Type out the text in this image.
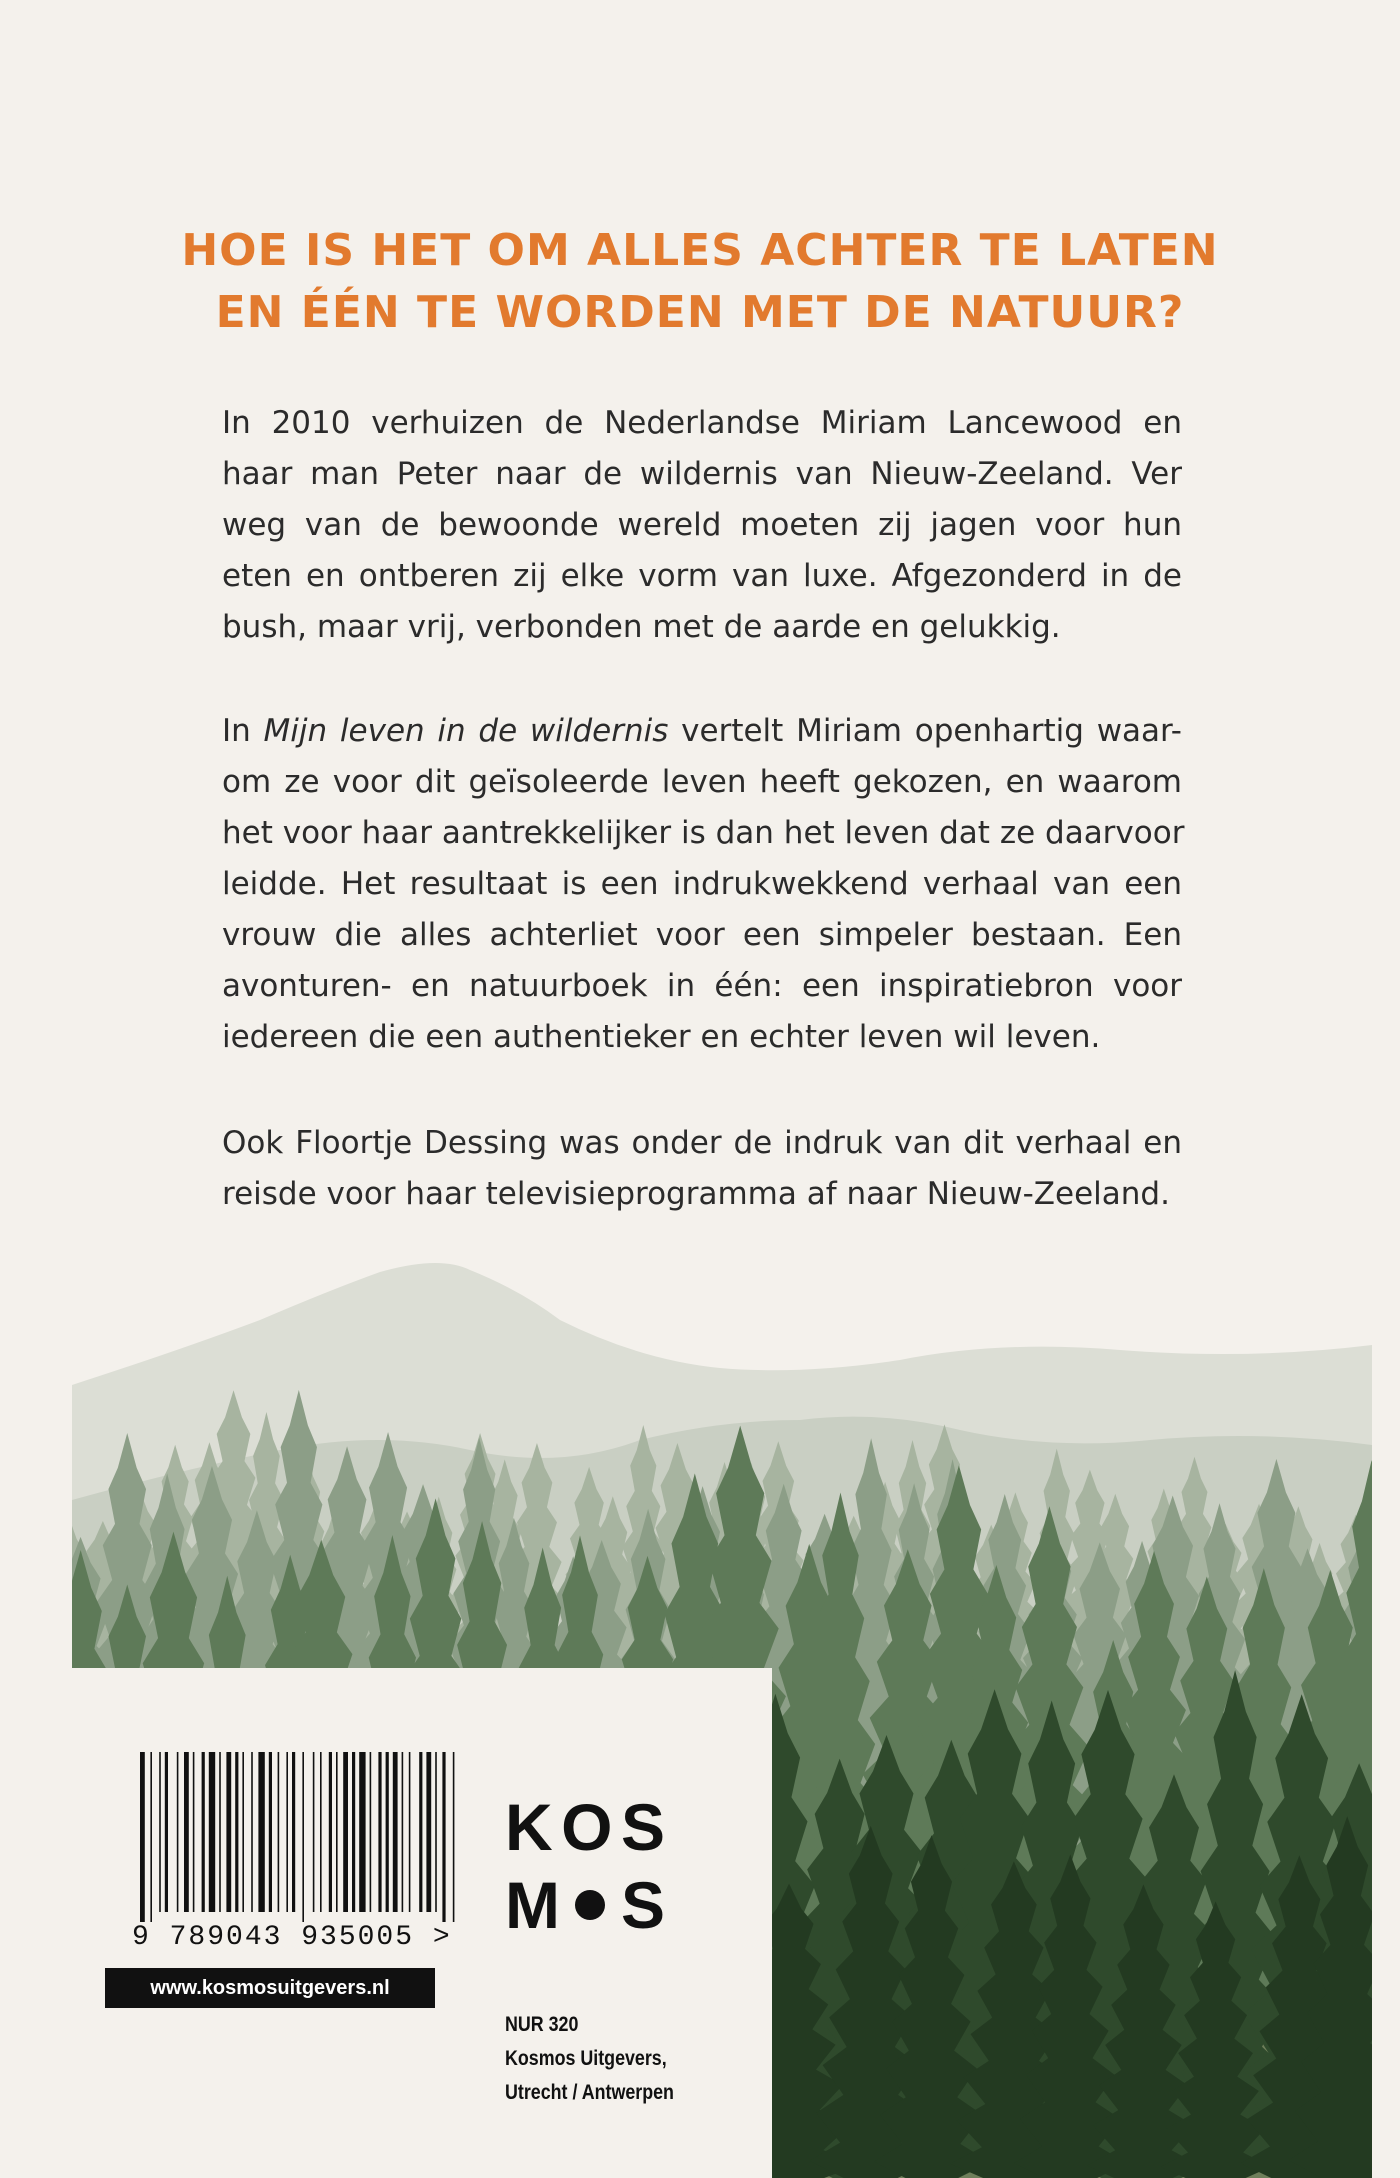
HOE IS HET OM ALLES ACHTER TE LATEN
EN ÉÉN TE WORDEN MET DE NATUUR?
In 2010 verhuizen de Nederlandse Miriam Lancewood en
haar man Peter naar de wildernis van Nieuw-Zeeland. Ver
weg van de bewoonde wereld moeten zij jagen voor hun
eten en ontberen zij elke vorm van luxe. Afgezonderd in de
bush, maar vrij, verbonden met de aarde en gelukkig.
In Mijn leven in de wildernis vertelt Miriam openhartig waar-
om ze voor dit geïsoleerde leven heeft gekozen, en waarom
het voor haar aantrekkelijker is dan het leven dat ze daarvoor
leidde. Het resultaat is een indrukwekkend verhaal van een
vrouw die alles achterliet voor een simpeler bestaan. Een
avonturen- en natuurboek in één: een inspiratiebron voor
iedereen die een authentieker en echter leven wil leven.
Ook Floortje Dessing was onder de indruk van dit verhaal en
reisde voor haar televisieprogramma af naar Nieuw-Zeeland.
9 789043 935005 >
www.kosmosuitgevers.nl
K O S
M S
NUR 320
Kosmos Uitgevers,
Utrecht / Antwerpen
